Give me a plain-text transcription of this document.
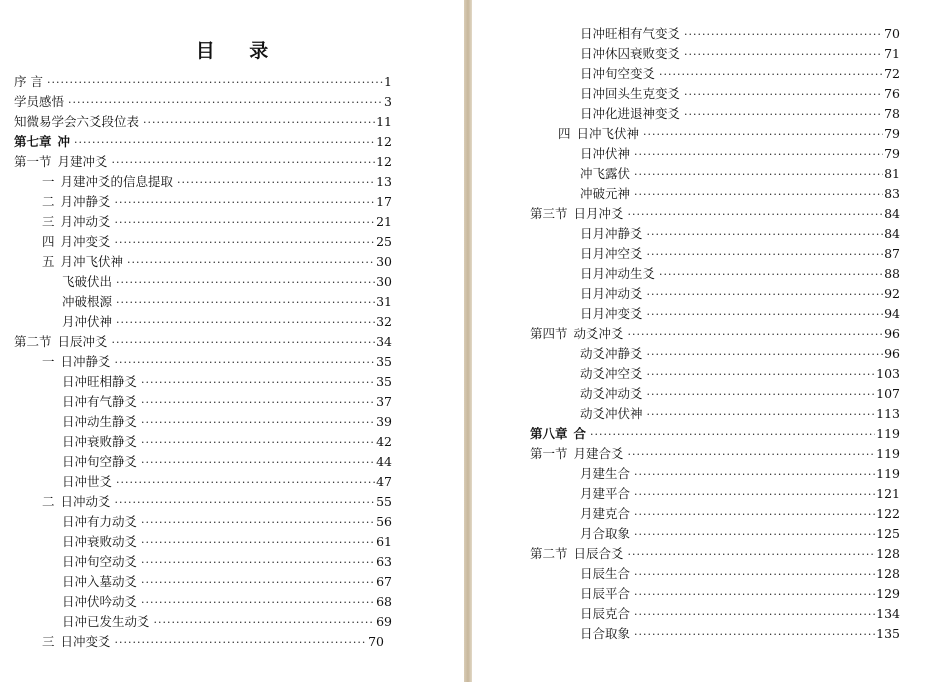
目 录
序 言 ·····	1
学员感悟 ·····	3
知微易学会六爻段位表 ·····	11
第七章 冲 ·····	12
第一节 月建冲爻 ·····	12
一 月建冲爻的信息提取 ·····	13
二 月冲静爻 ·····	17
三 月冲动爻 ·····	21
四 月冲变爻 ·····	25
五 月冲飞伏神 ·····	30
飞破伏出 ·····	30
冲破根源 ·····	31
月冲伏神 ·····	32
第二节 日辰冲爻 ·····	34
一 日冲静爻 ·····	35
日冲旺相静爻 ·····	35
日冲有气静爻 ·····	37
日冲动生静爻 ·····	39
日冲衰败静爻 ·····	42
日冲旬空静爻 ·····	44
日冲世爻 ·····	47
二 日冲动爻 ·····	55
日冲有力动爻 ·····	56
日冲衰败动爻 ·····	61
日冲旬空动爻 ·····	63
日冲入墓动爻 ·····	67
日冲伏吟动爻 ·····	68
日冲已发生动爻 ·····	69
三 日冲变爻 ·····	70
日冲旺相有气变爻 ·····	70
日冲休囚衰败变爻 ·····	71
日冲旬空变爻 ·····	72
日冲回头生克变爻 ·····	76
日冲化进退神变爻 ·····	78
四 日冲飞伏神 ·····	79
日冲伏神 ·····	79
冲飞露伏 ·····	81
冲破元神 ·····	83
第三节 日月冲爻 ·····	84
日月冲静爻 ·····	84
日月冲空爻 ·····	87
日月冲动生爻 ·····	88
日月冲动爻 ·····	92
日月冲变爻 ·····	94
第四节 动爻冲爻 ·····	96
动爻冲静爻 ·····	96
动爻冲空爻 ·····	103
动爻冲动爻 ·····	107
动爻冲伏神 ·····	113
第八章 合 ·····	119
第一节 月建合爻 ·····	119
月建生合 ·····	119
月建平合 ·····	121
月建克合 ·····	122
月合取象 ·····	125
第二节 日辰合爻 ·····	128
日辰生合 ·····	128
日辰平合 ·····	129
日辰克合 ·····	134
日合取象 ·····	135
